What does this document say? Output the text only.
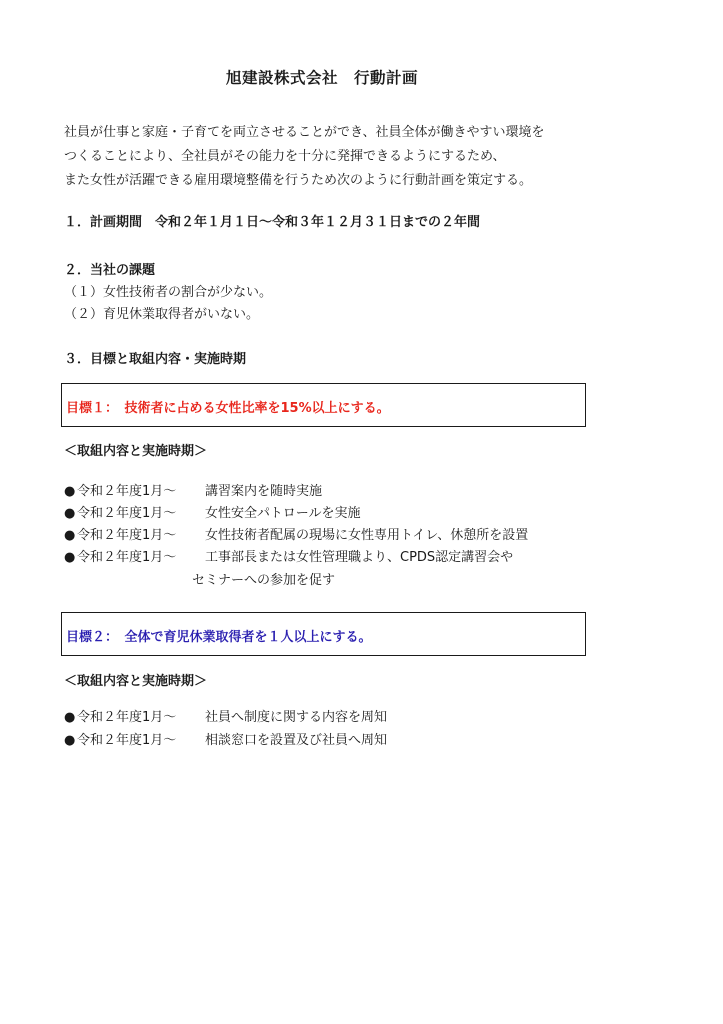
旭建設株式会社　行動計画
社員が仕事と家庭・子育てを両立させることができ、社員全体が働きやすい環境を
つくることにより、全社員がその能力を十分に発揮できるようにするため、
また女性が活躍できる雇用環境整備を行うため次のように行動計画を策定する。
１．計画期間　令和２年１月１日〜令和３年１２月３１日までの２年間
２．当社の課題
（１）女性技術者の割合が少ない。
（２）育児休業取得者がいない。
３．目標と取組内容・実施時期
目標１：　技術者に占める女性比率を15%以上にする。
＜取組内容と実施時期＞
● 令和２年度1月〜 講習案内を随時実施
● 令和２年度1月〜 女性安全パトロールを実施
● 令和２年度1月〜 女性技術者配属の現場に女性専用トイレ、休憩所を設置
● 令和２年度1月〜 工事部長または女性管理職より、CPDS認定講習会や
セミナーへの参加を促す
目標２：　全体で育児休業取得者を１人以上にする。
＜取組内容と実施時期＞
● 令和２年度1月〜 社員へ制度に関する内容を周知
● 令和２年度1月〜 相談窓口を設置及び社員へ周知
